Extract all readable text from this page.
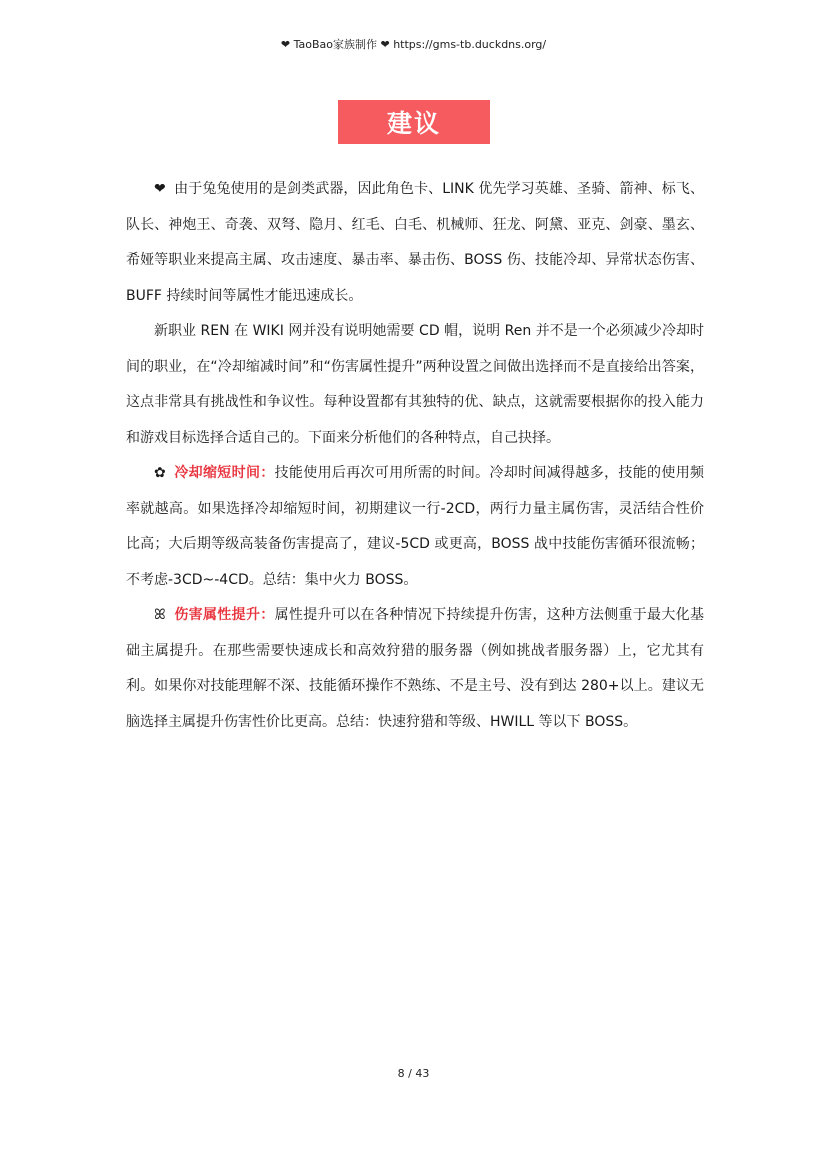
❤ TaoBao家族制作 ❤ https://gms-tb.duckdns.org/
建议

❤ 由于兔兔使用的是剑类武器，因此角色卡、LINK 优先学习英雄、圣骑、箭神、标飞、队长、神炮王、奇袭、双弩、隐月、红毛、白毛、机械师、狂龙、阿黛、亚克、剑豪、墨玄、希娅等职业来提高主属、攻击速度、暴击率、暴击伤、BOSS 伤、技能冷却、异常状态伤害、BUFF 持续时间等属性才能迅速成长。

新职业 REN 在 WIKI 网并没有说明她需要 CD 帽，说明 Ren 并不是一个必须减少冷却时间的职业，在“冷却缩减时间”和“伤害属性提升”两种设置之间做出选择而不是直接给出答案，这点非常具有挑战性和争议性。每种设置都有其独特的优、缺点，这就需要根据你的投入能力和游戏目标选择合适自己的。下面来分析他们的各种特点，自己抉择。

✿ 冷却缩短时间：技能使用后再次可用所需的时间。冷却时间减得越多，技能的使用频率就越高。如果选择冷却缩短时间，初期建议一行-2CD，两行力量主属伤害，灵活结合性价比高；大后期等级高装备伤害提高了，建议-5CD 或更高，BOSS 战中技能伤害循环很流畅；不考虑-3CD~-4CD。总结：集中火力 BOSS。

ꕤ 伤害属性提升：属性提升可以在各种情况下持续提升伤害，这种方法侧重于最大化基础主属提升。在那些需要快速成长和高效狩猎的服务器（例如挑战者服务器）上，它尤其有利。如果你对技能理解不深、技能循环操作不熟练、不是主号、没有到达 280+以上。建议无脑选择主属提升伤害性价比更高。总结：快速狩猎和等级、HWILL 等以下 BOSS。

8 / 43
